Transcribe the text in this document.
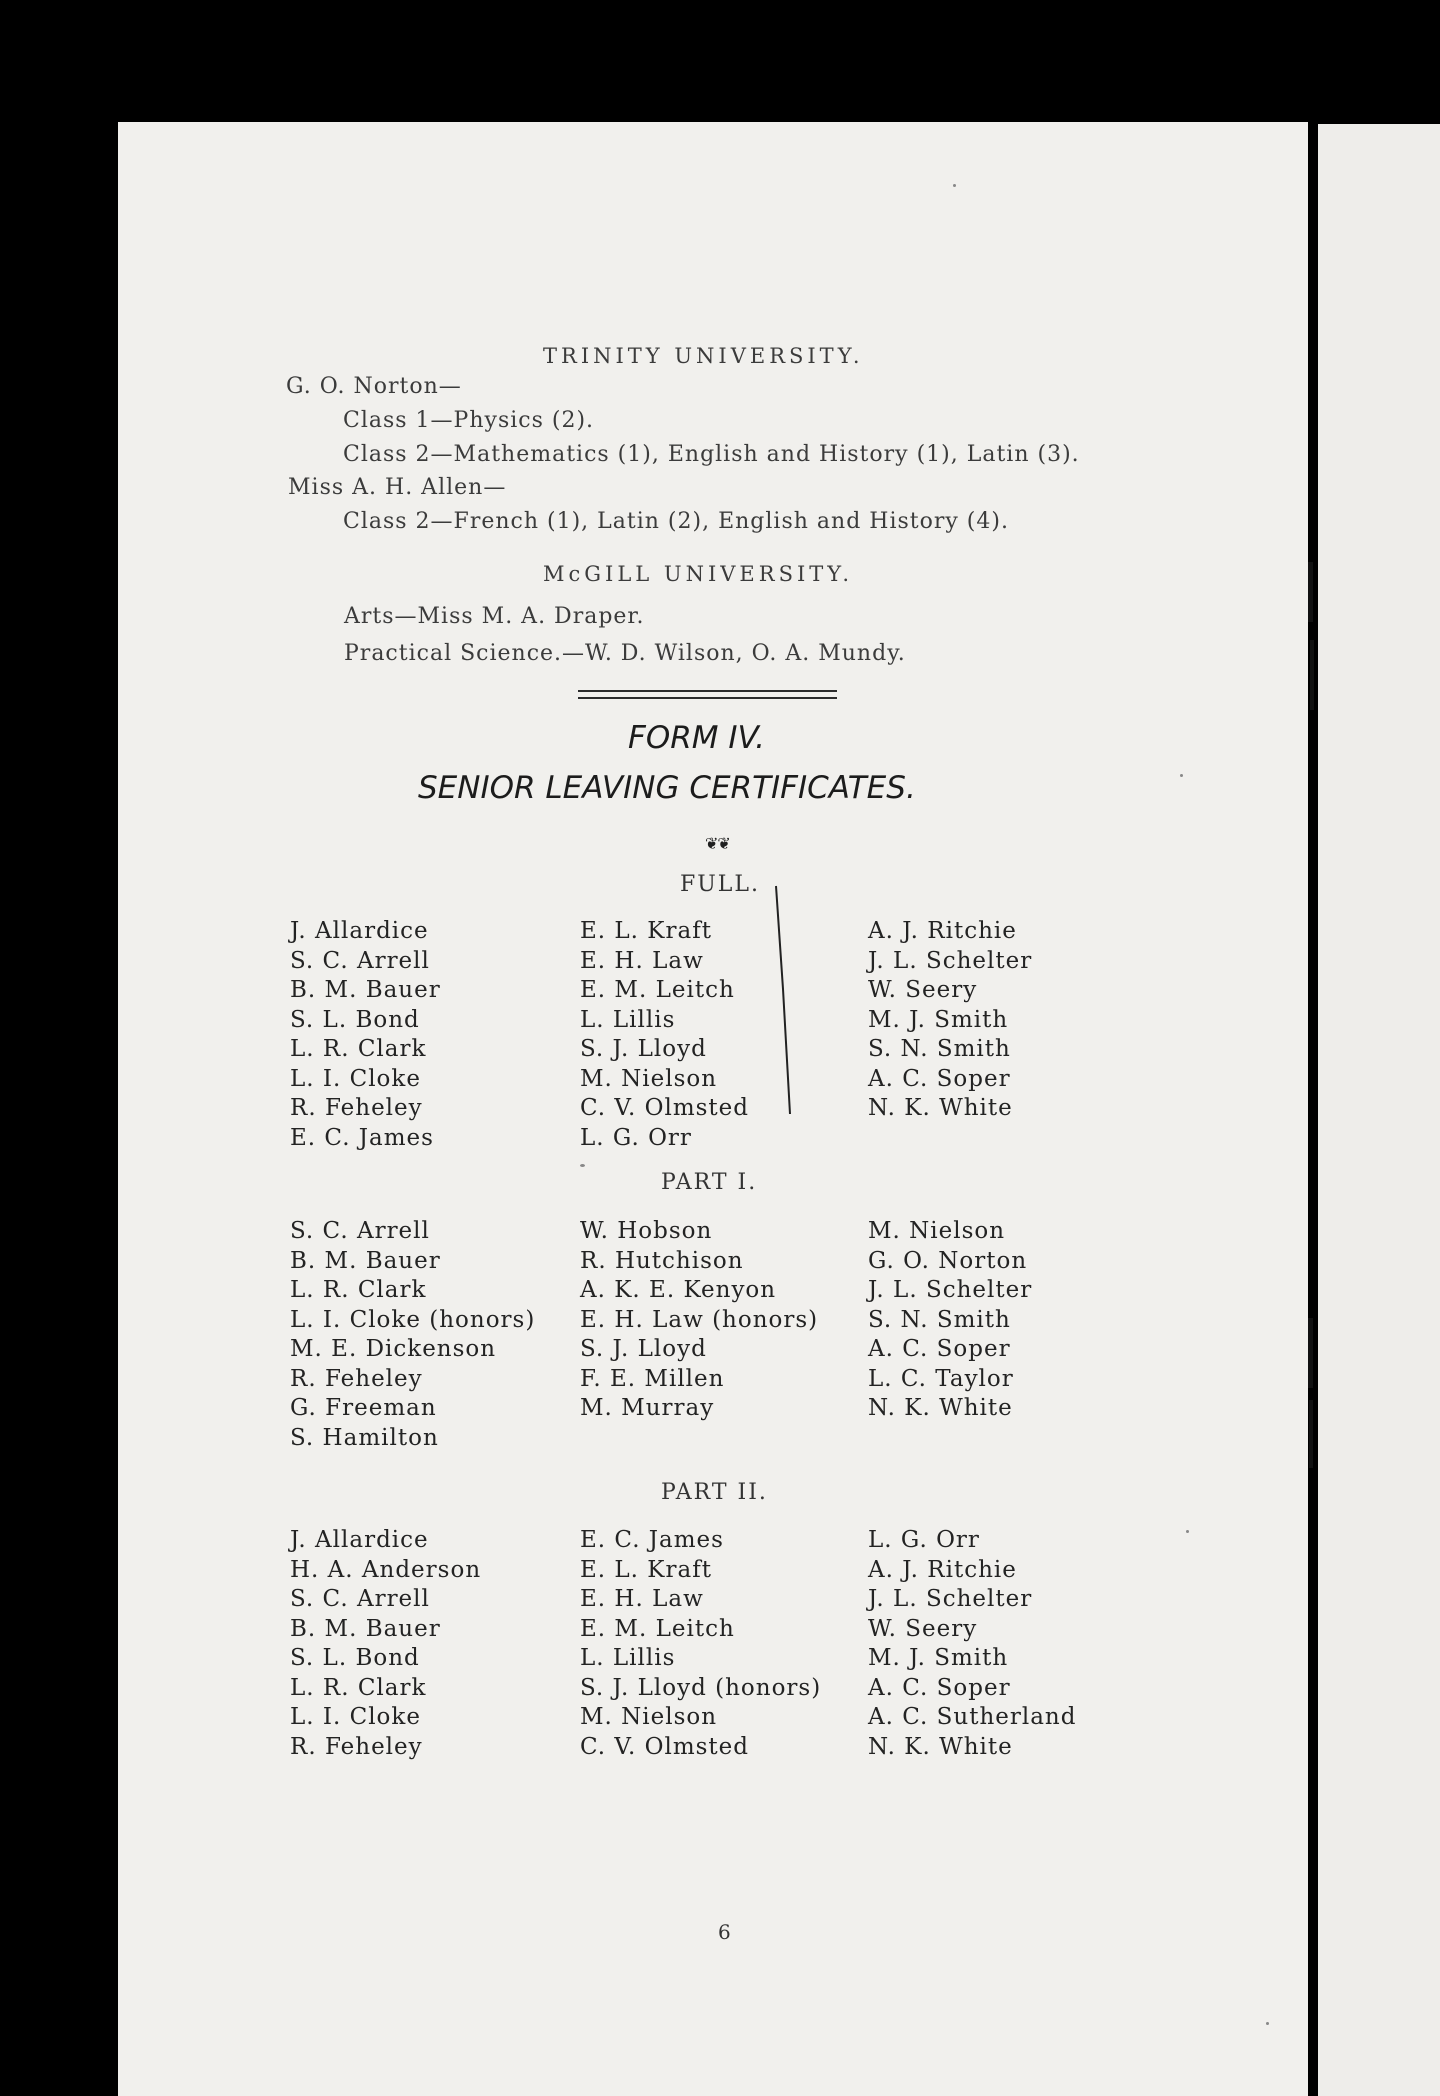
TRINITY UNIVERSITY.
G. O. Norton—
Class 1—Physics (2).
Class 2—Mathematics (1), English and History (1), Latin (3).
Miss A. H. Allen—
Class 2—French (1), Latin (2), English and History (4).
McGILL UNIVERSITY.
Arts—Miss M. A. Draper.
Practical Science.—W. D. Wilson, O. A. Mundy.
FORM IV.
SENIOR LEAVING CERTIFICATES.
❦❦
FULL.
J. Allardice
S. C. Arrell
B. M. Bauer
S. L. Bond
L. R. Clark
L. I. Cloke
R. Feheley
E. C. James
E. L. Kraft
E. H. Law
E. M. Leitch
L. Lillis
S. J. Lloyd
M. Nielson
C. V. Olmsted
L. G. Orr
A. J. Ritchie
J. L. Schelter
W. Seery
M. J. Smith
S. N. Smith
A. C. Soper
N. K. White
PART I.
S. C. Arrell
B. M. Bauer
L. R. Clark
L. I. Cloke (honors)
M. E. Dickenson
R. Feheley
G. Freeman
S. Hamilton
W. Hobson
R. Hutchison
A. K. E. Kenyon
E. H. Law (honors)
S. J. Lloyd
F. E. Millen
M. Murray
M. Nielson
G. O. Norton
J. L. Schelter
S. N. Smith
A. C. Soper
L. C. Taylor
N. K. White
PART II.
J. Allardice
H. A. Anderson
S. C. Arrell
B. M. Bauer
S. L. Bond
L. R. Clark
L. I. Cloke
R. Feheley
E. C. James
E. L. Kraft
E. H. Law
E. M. Leitch
L. Lillis
S. J. Lloyd (honors)
M. Nielson
C. V. Olmsted
L. G. Orr
A. J. Ritchie
J. L. Schelter
W. Seery
M. J. Smith
A. C. Soper
A. C. Sutherland
N. K. White
6
